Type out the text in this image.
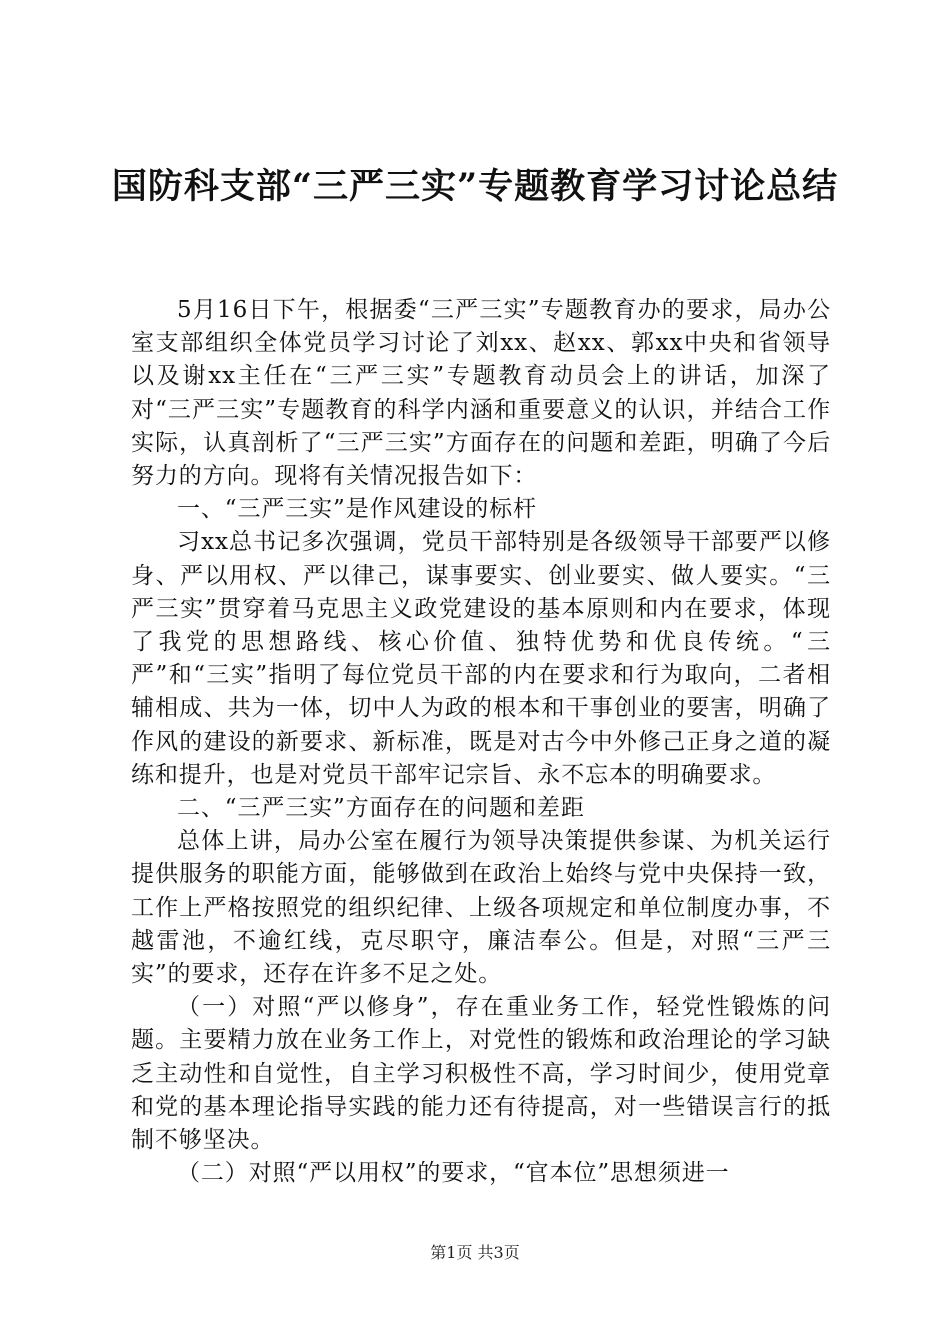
国防科支部“三严三实”专题教育学习讨论总结

5月16日下午，根据委“三严三实”专题教育办的要求，局办公室支部组织全体党员学习讨论了刘xx、赵xx、郭xx中央和省领导以及谢xx主任在“三严三实”专题教育动员会上的讲话，加深了对“三严三实”专题教育的科学内涵和重要意义的认识，并结合工作实际，认真剖析了“三严三实”方面存在的问题和差距，明确了今后努力的方向。现将有关情况报告如下：

一、“三严三实”是作风建设的标杆

习xx总书记多次强调，党员干部特别是各级领导干部要严以修身、严以用权、严以律己，谋事要实、创业要实、做人要实。“三严三实”贯穿着马克思主义政党建设的基本原则和内在要求，体现了我党的思想路线、核心价值、独特优势和优良传统。“三严”和“三实”指明了每位党员干部的内在要求和行为取向，二者相辅相成、共为一体，切中人为政的根本和干事创业的要害，明确了作风的建设的新要求、新标准，既是对古今中外修己正身之道的凝练和提升，也是对党员干部牢记宗旨、永不忘本的明确要求。

二、“三严三实”方面存在的问题和差距

总体上讲，局办公室在履行为领导决策提供参谋、为机关运行提供服务的职能方面，能够做到在政治上始终与党中央保持一致，工作上严格按照党的组织纪律、上级各项规定和单位制度办事，不越雷池，不逾红线，克尽职守，廉洁奉公。但是，对照“三严三实”的要求，还存在许多不足之处。

（一）对照“严以修身”，存在重业务工作，轻党性锻炼的问题。主要精力放在业务工作上，对党性的锻炼和政治理论的学习缺乏主动性和自觉性，自主学习积极性不高，学习时间少，使用党章和党的基本理论指导实践的能力还有待提高，对一些错误言行的抵制不够坚决。

（二）对照“严以用权”的要求，“官本位”思想须进一

第1页 共3页
